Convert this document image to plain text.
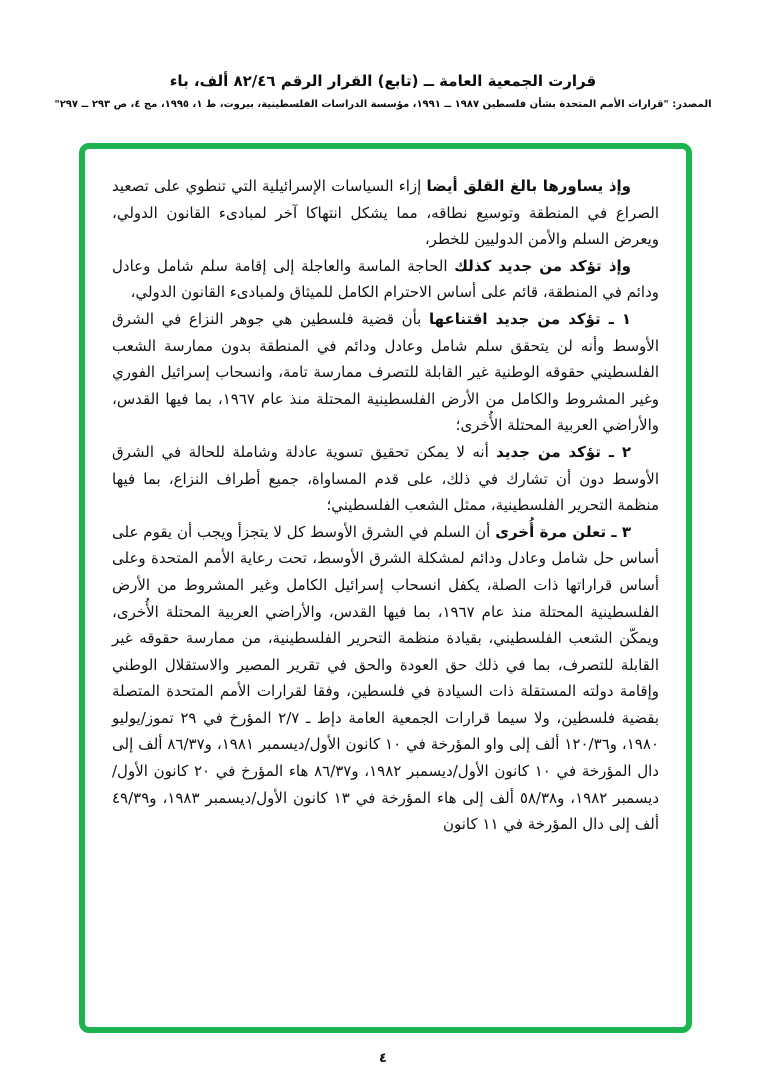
قرارت الجمعية العامة ــ (تابع) القرار الرقم ٨٢/٤٦ ألف، باء
المصدر: "قرارات الأمم المتحدة بشأن فلسطين ١٩٨٧ ــ ١٩٩١، مؤسسة الدراسات الفلسطينية، بيروت، ط ١، ١٩٩٥، مج ٤، ص ٢٩٣ ــ ٢٩٧"

وإذ يساورها بالغ القلق أيضا إزاء السياسات الإسرائيلية التي تنطوي على تصعيد الصراع في المنطقة وتوسيع نطاقه، مما يشكل انتهاكا آخر لمبادىء القانون الدولي، ويعرض السلم والأمن الدوليين للخطر،

وإذ تؤكد من جديد كذلك الحاجة الماسة والعاجلة إلى إقامة سلم شامل وعادل ودائم في المنطقة، قائم على أساس الاحترام الكامل للميثاق ولمبادىء القانون الدولي،

١ ـ تؤكد من جديد اقتناعها بأن قضية فلسطين هي جوهر النزاع في الشرق الأوسط وأنه لن يتحقق سلم شامل وعادل ودائم في المنطقة بدون ممارسة الشعب الفلسطيني حقوقه الوطنية غير القابلة للتصرف ممارسة تامة، وانسحاب إسرائيل الفوري وغير المشروط والكامل من الأرض الفلسطينية المحتلة منذ عام ١٩٦٧، بما فيها القدس، والأراضي العربية المحتلة الأُخرى؛

٢ ـ تؤكد من جديد أنه لا يمكن تحقيق تسوية عادلة وشاملة للحالة في الشرق الأوسط دون أن تشارك في ذلك، على قدم المساواة، جميع أطراف النزاع، بما فيها منظمة التحرير الفلسطينية، ممثل الشعب الفلسطيني؛

٣ ـ تعلن مرة أُخرى أن السلم في الشرق الأوسط كل لا يتجزأ ويجب أن يقوم على أساس حل شامل وعادل ودائم لمشكلة الشرق الأوسط، تحت رعاية الأمم المتحدة وعلى أساس قراراتها ذات الصلة، يكفل انسحاب إسرائيل الكامل وغير المشروط من الأرض الفلسطينية المحتلة منذ عام ١٩٦٧، بما فيها القدس، والأراضي العربية المحتلة الأُخرى، ويمكّن الشعب الفلسطيني، بقيادة منظمة التحرير الفلسطينية، من ممارسة حقوقه غير القابلة للتصرف، بما في ذلك حق العودة والحق في تقرير المصير والاستقلال الوطني وإقامة دولته المستقلة ذات السيادة في فلسطين، وفقا لقرارات الأمم المتحدة المتصلة بقضية فلسطين، ولا سيما قرارات الجمعية العامة دإط ـ ٢/٧ المؤرخ في ٢٩ تموز/يوليو ١٩٨٠، و١٢٠/٣٦ ألف إلى واو المؤرخة في ١٠ كانون الأول/ديسمبر ١٩٨١، و٨٦/٣٧ ألف إلى دال المؤرخة في ١٠ كانون الأول/ديسمبر ١٩٨٢، و٨٦/٣٧ هاء المؤرخ في ٢٠ كانون الأول/ديسمبر ١٩٨٢، و٥٨/٣٨ ألف إلى هاء المؤرخة في ١٣ كانون الأول/ديسمبر ١٩٨٣، و٤٩/٣٩ ألف إلى دال المؤرخة في ١١ كانون

٤
